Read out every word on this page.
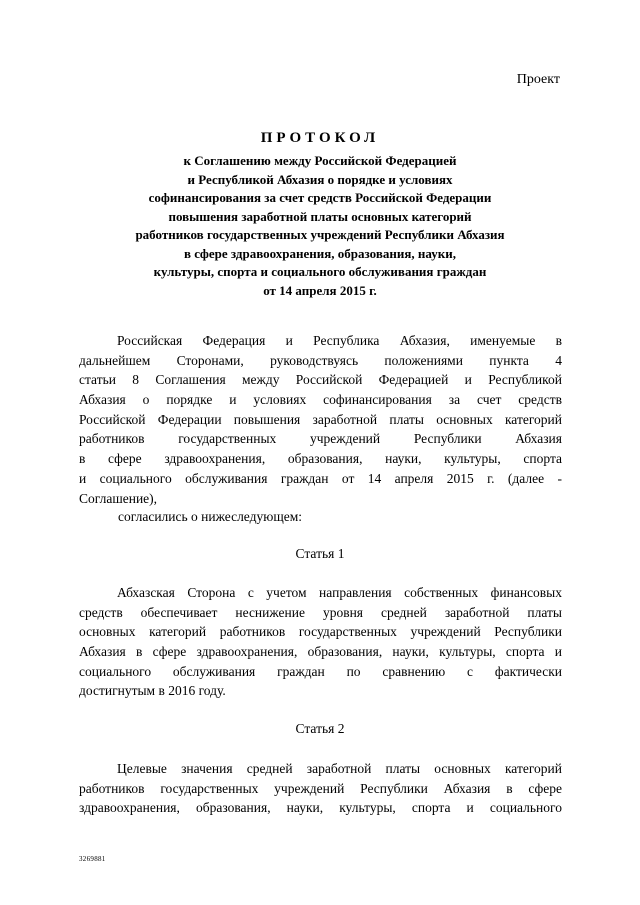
Проект
ПРОТОКОЛ
к Соглашению между Российской Федерацией
и Республикой Абхазия о порядке и условиях
софинансирования за счет средств Российской Федерации
повышения заработной платы основных категорий
работников государственных учреждений Республики Абхазия
в сфере здравоохранения, образования, науки,
культуры, спорта и социального обслуживания граждан
от 14 апреля 2015 г.
Российская Федерация и Республика Абхазия, именуемые в
дальнейшем Сторонами, руководствуясь положениями пункта 4
статьи 8 Соглашения между Российской Федерацией и Республикой
Абхазия о порядке и условиях софинансирования за счет средств
Российской Федерации повышения заработной платы основных категорий
работников государственных учреждений Республики Абхазия
в сфере здравоохранения, образования, науки, культуры, спорта
и социального обслуживания граждан от 14 апреля 2015 г. (далее -
Соглашение),
согласились о нижеследующем:
Статья 1
Абхазская Сторона с учетом направления собственных финансовых
средств обеспечивает неснижение уровня средней заработной платы
основных категорий работников государственных учреждений Республики
Абхазия в сфере здравоохранения, образования, науки, культуры, спорта и
социального обслуживания граждан по сравнению с фактически
достигнутым в 2016 году.
Статья 2
Целевые значения средней заработной платы основных категорий
работников государственных учреждений Республики Абхазия в сфере
здравоохранения, образования, науки, культуры, спорта и социального
3269881
